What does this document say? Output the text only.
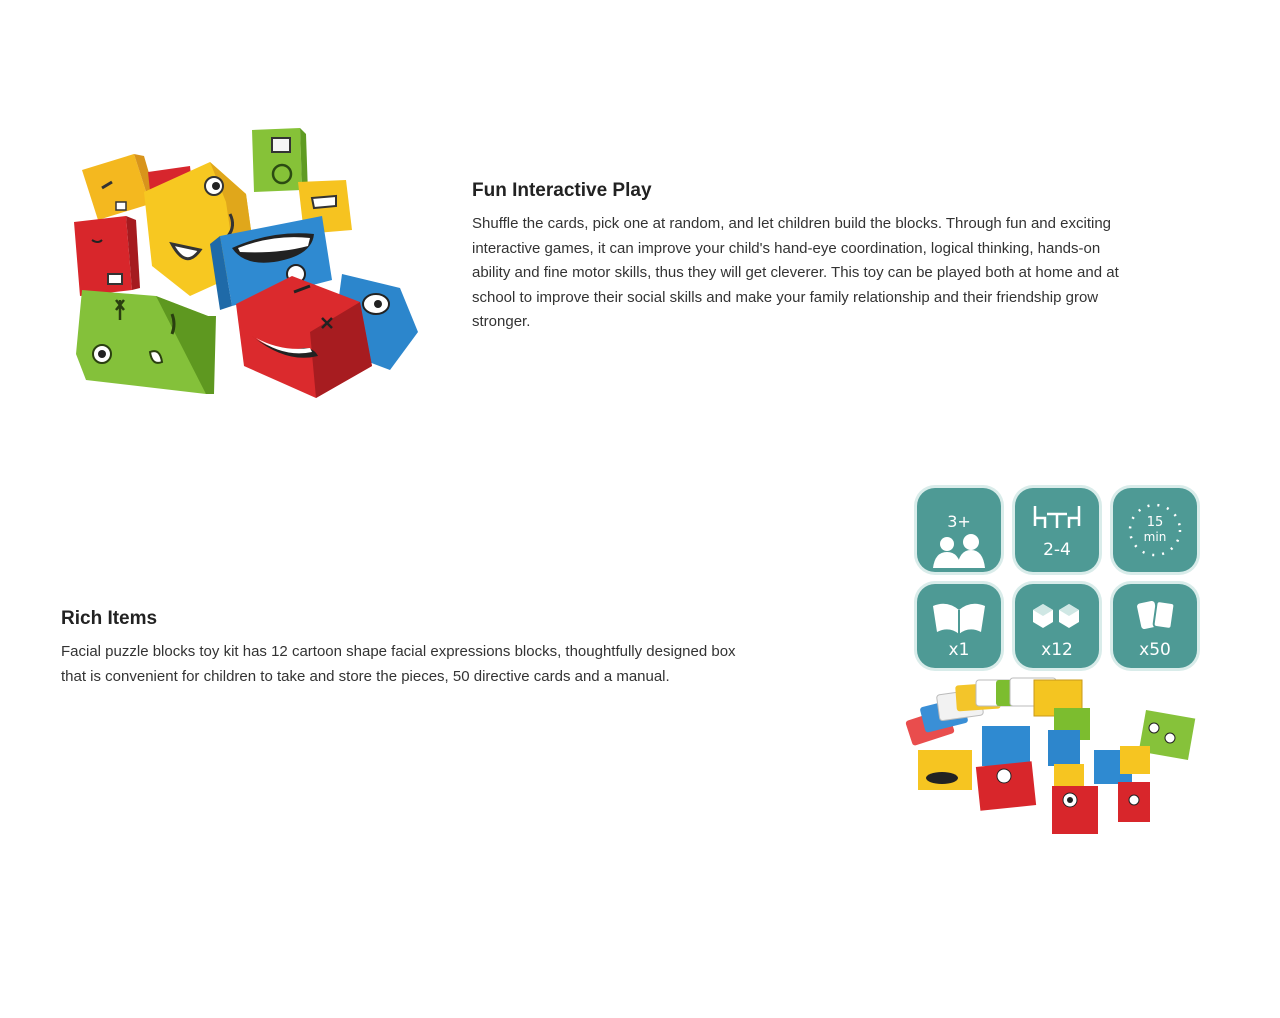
Fun Interactive Play

Shuffle the cards, pick one at random, and let children build the blocks. Through fun and exciting
interactive games, it can improve your child's hand-eye coordination, logical thinking, hands-on
ability and fine motor skills, thus they will get cleverer. This toy can be played both at home and at
school to improve their social skills and make your family relationship and their friendship grow
stronger.

Rich Items

Facial puzzle blocks toy kit has 12 cartoon shape facial expressions blocks, thoughtfully designed box
that is convenient for children to take and store the pieces, 50 directive cards and a manual.

3+
2-4
15
min
x1	x12	x50
